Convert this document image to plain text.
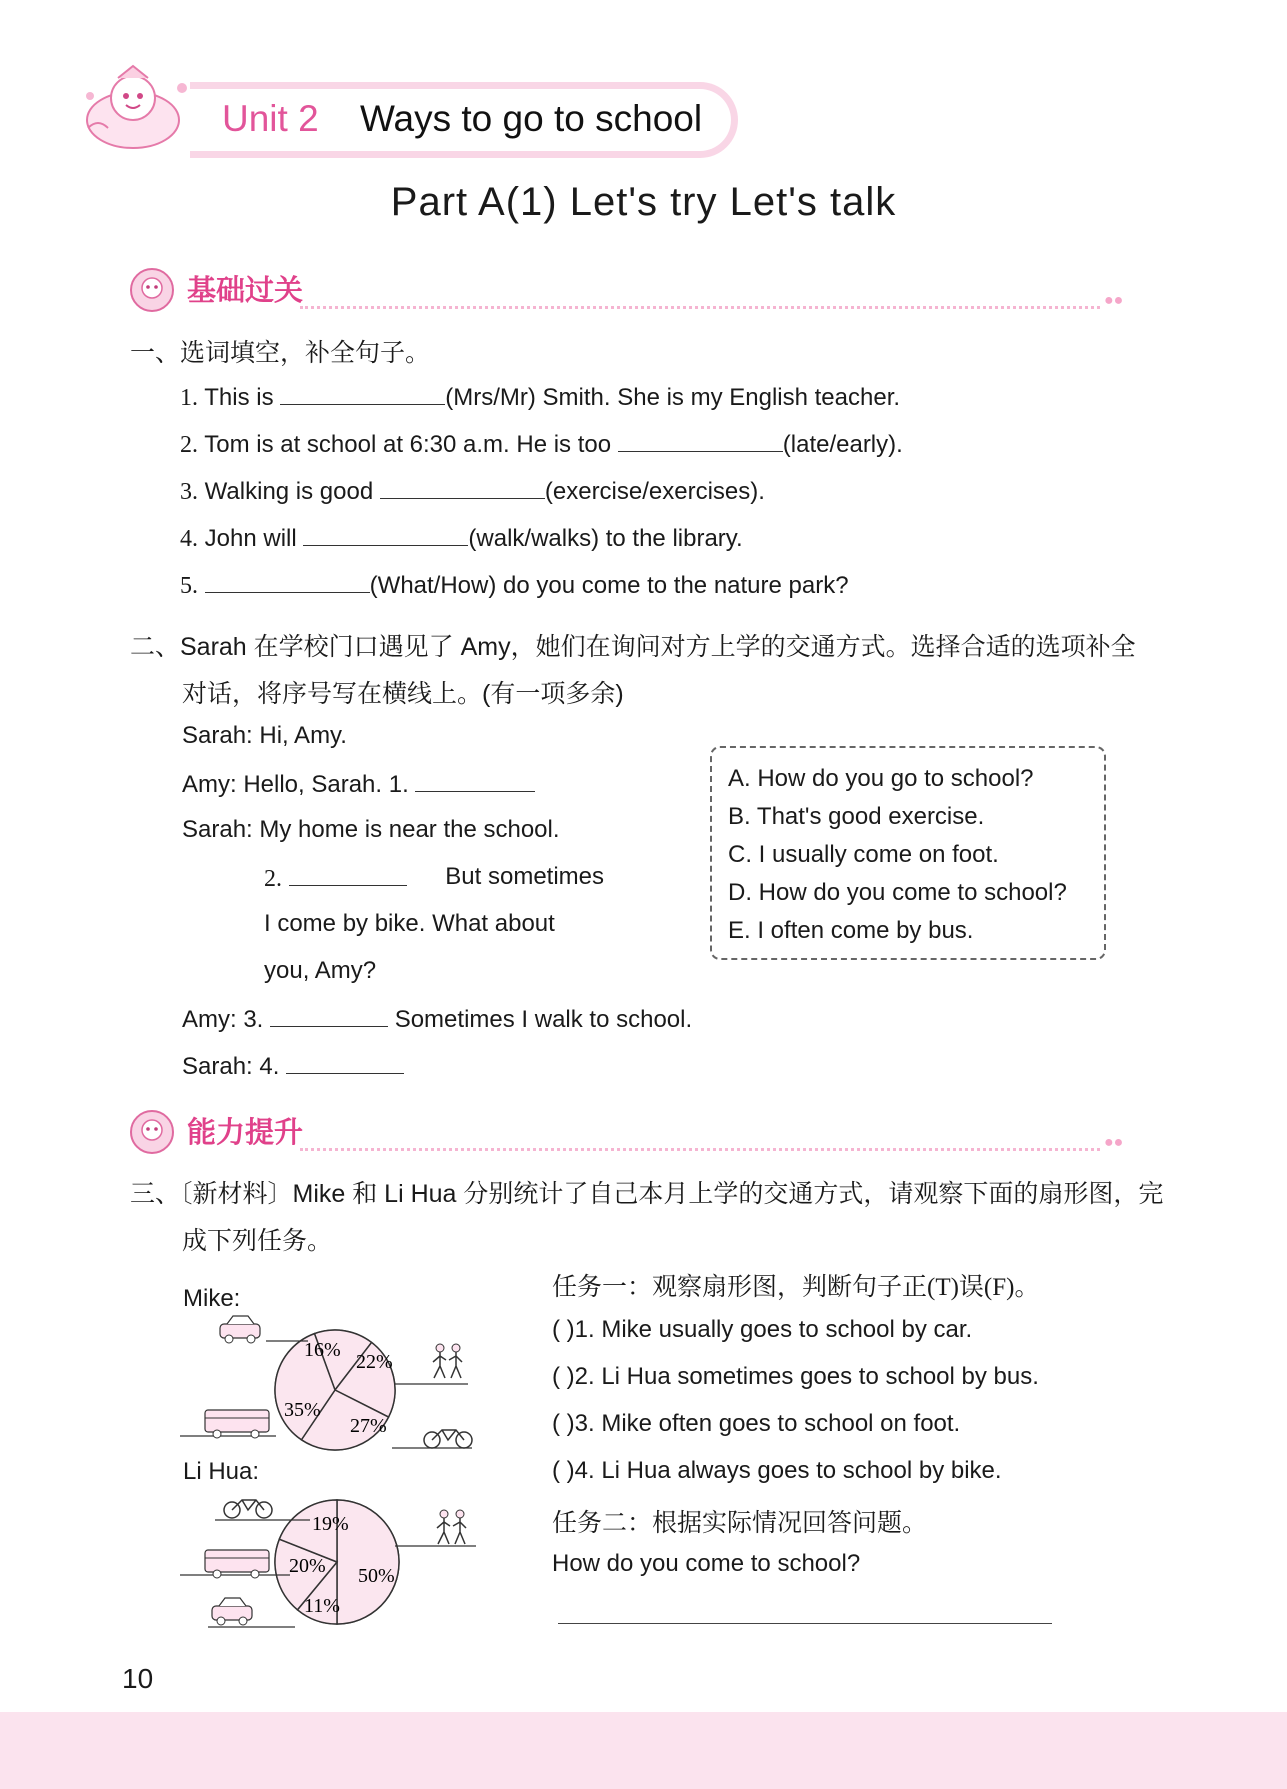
Unit 2 Ways to go to school
Part A(1) Let's try Let's talk
基础过关	●●
一、选词填空，补全句子。
1. This is	(Mrs/Mr) Smith. She is my English teacher.
2. Tom is at school at 6:30 a.m. He is too	(late/early).
3. Walking is good	(exercise/exercises).
4. John will	(walk/walks) to the library.
5.	(What/How) do you come to the nature park?
二、Sarah 在学校门口遇见了 Amy，她们在询问对方上学的交通方式。选择合适的选项补全
对话，将序号写在横线上。(有一项多余)
Sarah: Hi, Amy.
Amy: Hello, Sarah. 1.
Sarah: My home is near the school.
2.	But sometimes
I come by bike. What about
you, Amy?
Amy: 3.	Sometimes I walk to school.
Sarah: 4.
A. How do you go to school?
B. That's good exercise.
C. I usually come on foot.
D. How do you come to school?
E. I often come by bus.
能力提升	●●
三、〔新材料〕Mike 和 Li Hua 分别统计了自己本月上学的交通方式，请观察下面的扇形图，完
成下列任务。
Mike:
Li Hua:
16%
22%
27%
35%
19%
20%
11%
50%
任务一：观察扇形图，判断句子正(T)误(F)。
( )1. Mike usually goes to school by car.
( )2. Li Hua sometimes goes to school by bus.
( )3. Mike often goes to school on foot.
( )4. Li Hua always goes to school by bike.
任务二：根据实际情况回答问题。
How do you come to school?
10
